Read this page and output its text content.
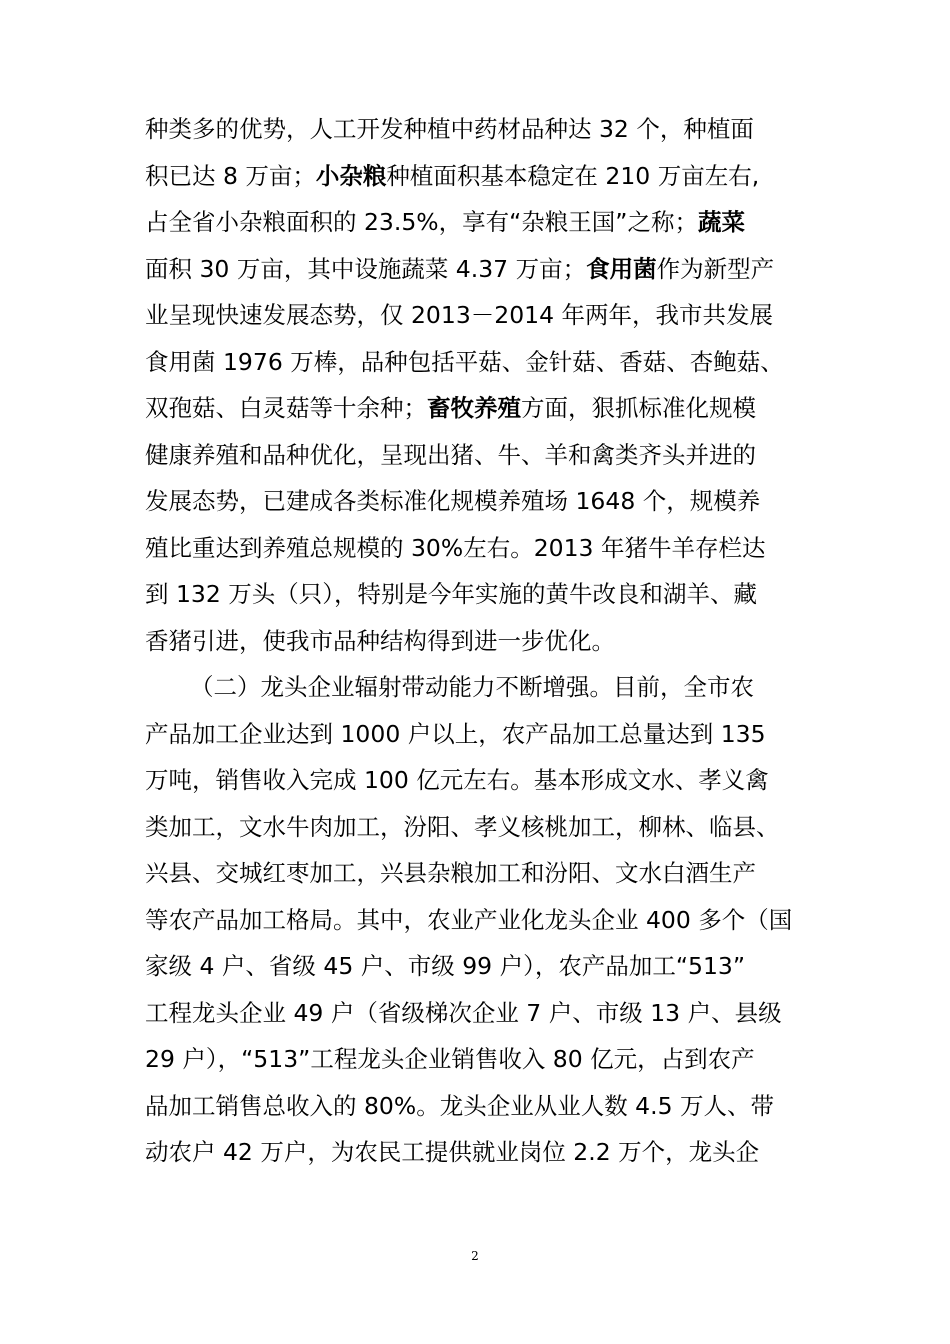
种类多的优势，人工开发种植中药材品种达 32 个，种植面
积已达 8 万亩；小杂粮种植面积基本稳定在 210 万亩左右,
占全省小杂粮面积的 23.5%，享有“杂粮王国”之称；蔬菜
面积 30 万亩，其中设施蔬菜 4.37 万亩；食用菌作为新型产
业呈现快速发展态势，仅 2013－2014 年两年，我市共发展
食用菌 1976 万棒，品种包括平菇、金针菇、香菇、杏鲍菇、
双孢菇、白灵菇等十余种；畜牧养殖方面，狠抓标准化规模
健康养殖和品种优化，呈现出猪、牛、羊和禽类齐头并进的
发展态势，已建成各类标准化规模养殖场 1648 个，规模养
殖比重达到养殖总规模的 30%左右。2013 年猪牛羊存栏达
到 132 万头（只），特别是今年实施的黄牛改良和湖羊、藏
香猪引进，使我市品种结构得到进一步优化。
（二）龙头企业辐射带动能力不断增强。目前，全市农
产品加工企业达到 1000 户以上，农产品加工总量达到 135
万吨，销售收入完成 100 亿元左右。基本形成文水、孝义禽
类加工，文水牛肉加工，汾阳、孝义核桃加工，柳林、临县、
兴县、交城红枣加工，兴县杂粮加工和汾阳、文水白酒生产
等农产品加工格局。其中，农业产业化龙头企业 400 多个（国
家级 4 户、省级 45 户、市级 99 户），农产品加工“513”
工程龙头企业 49 户（省级梯次企业 7 户、市级 13 户、县级
29 户），“513”工程龙头企业销售收入 80 亿元，占到农产
品加工销售总收入的 80%。龙头企业从业人数 4.5 万人、带
动农户 42 万户，为农民工提供就业岗位 2.2 万个，龙头企
2
